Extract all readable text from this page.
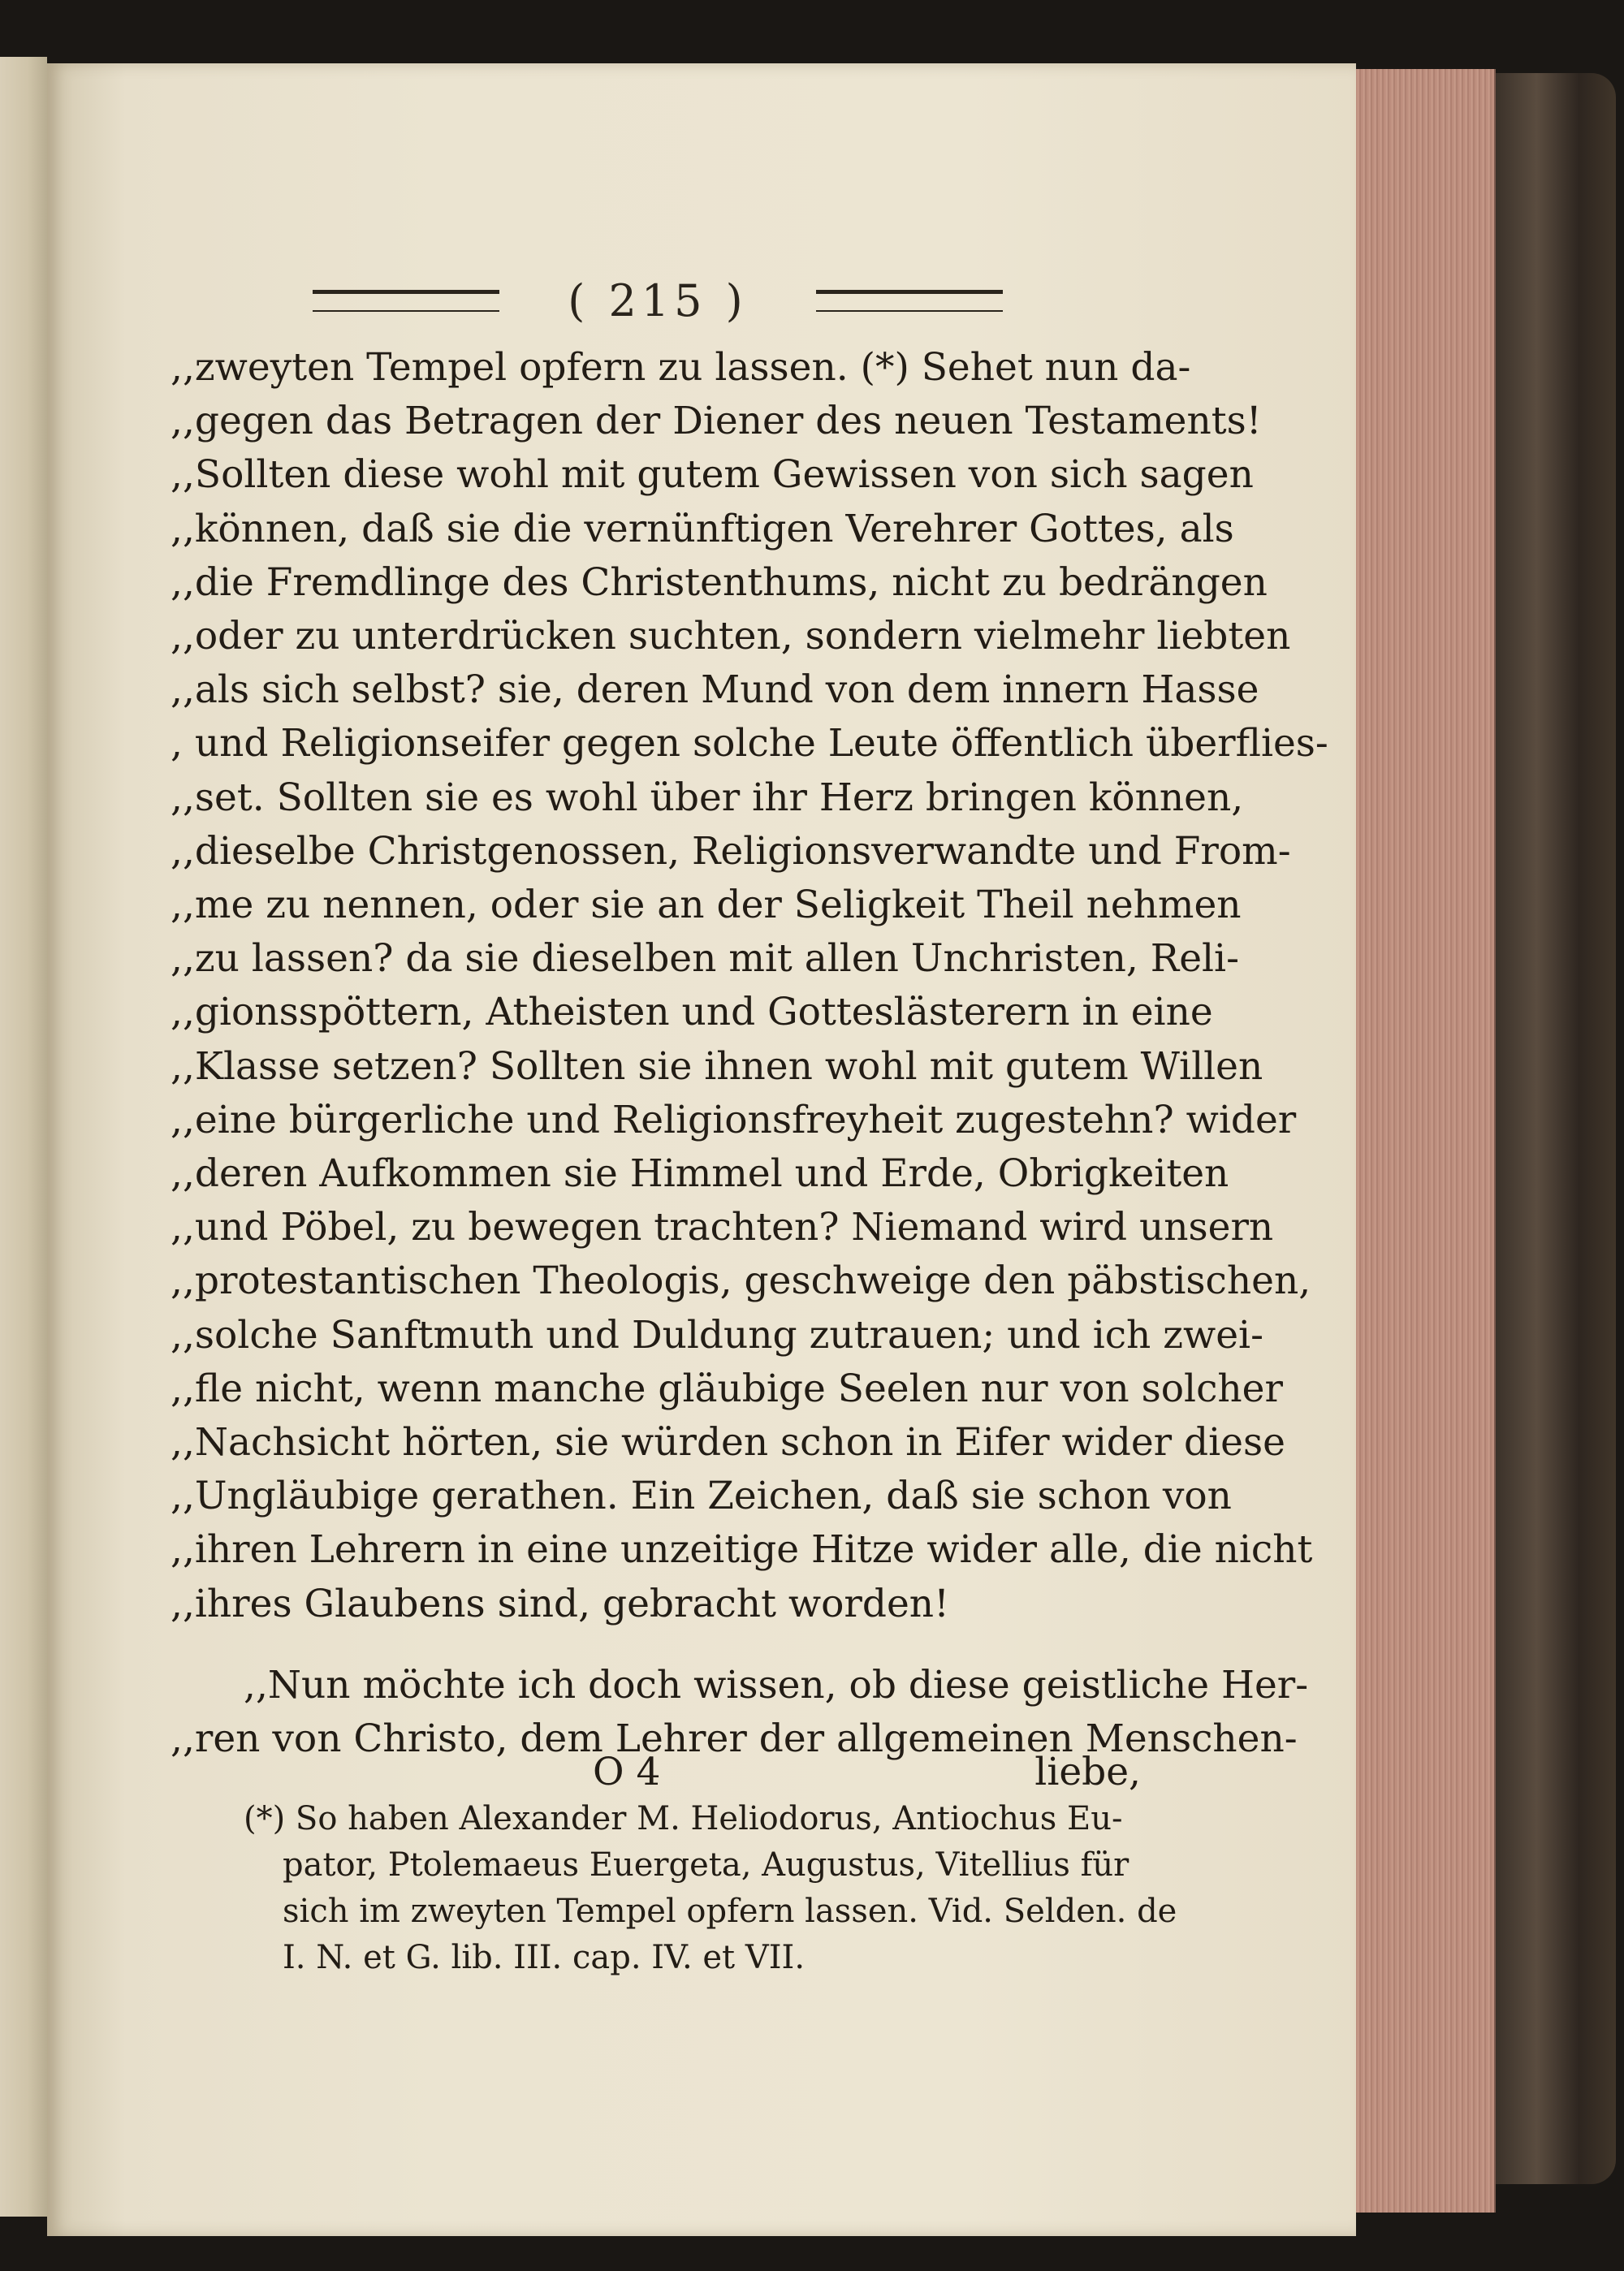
( 215 )
,,zweyten Tempel opfern zu lassen. (*) Sehet nun da-
,,gegen das Betragen der Diener des neuen Testaments!
,,Sollten diese wohl mit gutem Gewissen von sich sagen
,,können, daß sie die vernünftigen Verehrer Gottes, als
,,die Fremdlinge des Christenthums, nicht zu bedrängen
,,oder zu unterdrücken suchten, sondern vielmehr liebten
,,als sich selbst? sie, deren Mund von dem innern Hasse
, und Religionseifer gegen solche Leute öffentlich überflies-
,,set. Sollten sie es wohl über ihr Herz bringen können,
,,dieselbe Christgenossen, Religionsverwandte und From-
,,me zu nennen, oder sie an der Seligkeit Theil nehmen
,,zu lassen? da sie dieselben mit allen Unchristen, Reli-
,,gionsspöttern, Atheisten und Gotteslästerern in eine
,,Klasse setzen? Sollten sie ihnen wohl mit gutem Willen
,,eine bürgerliche und Religionsfreyheit zugestehn? wider
,,deren Aufkommen sie Himmel und Erde, Obrigkeiten
,,und Pöbel, zu bewegen trachten? Niemand wird unsern
,,protestantischen Theologis, geschweige den päbstischen,
,,solche Sanftmuth und Duldung zutrauen; und ich zwei-
,,fle nicht, wenn manche gläubige Seelen nur von solcher
,,Nachsicht hörten, sie würden schon in Eifer wider diese
,,Ungläubige gerathen. Ein Zeichen, daß sie schon von
,,ihren Lehrern in eine unzeitige Hitze wider alle, die nicht
,,ihres Glaubens sind, gebracht worden!
,,Nun möchte ich doch wissen, ob diese geistliche Her-
,,ren von Christo, dem Lehrer der allgemeinen Menschen-
O 4	liebe,
(*) So haben Alexander M. Heliodorus, Antiochus Eu-
pator, Ptolemaeus Euergeta, Augustus, Vitellius für
sich im zweyten Tempel opfern lassen. Vid. Selden. de
I. N. et G. lib. III. cap. IV. et VII.
